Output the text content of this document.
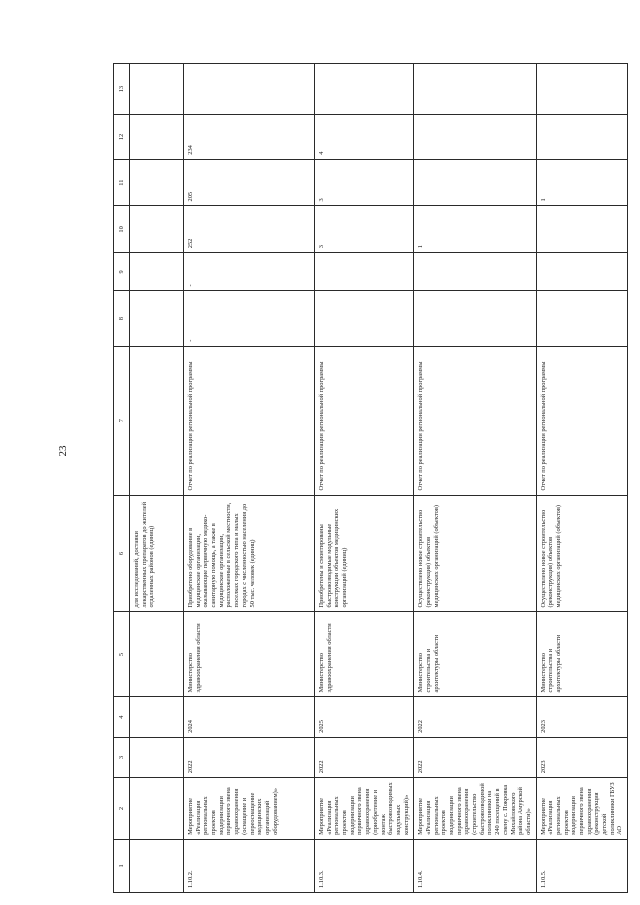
23
1	2	3	4	5	6	7	8	9	10	11	12	13
					для исследований, доставки лекарственных препаратов до жителей отдаленных районов (единиц)							
1.10.2.	Мероприятие «Реализация региональных проектов модернизации первичного звена здравоохранения (оснащение и переоснащение медицинских организаций оборудованием)»	2022	2024	Министерство здравоохранения области	Приобретено оборудование в медицинские организации, оказывающие первичную медико-санитарную помощь, а также в медицинские организации, расположенные в сельской местности, поселках городского типа и малых городах с численностью населения до 50 тыс. человек (единиц)	Отчет по реализации региональной программы	-	-	252	205	234	
1.10.3.	Мероприятие «Реализация региональных проектов модернизации первичного звена здравоохранения (приобретение и монтаж быстровозводимых модульных конструкций)»	2022	2025	Министерство здравоохранения области	Приобретены и смонтированы быстровозводимые модульные конструкции объектов медицинских организаций (единиц)	Отчет по реализации региональной программы			3	3	4	
1.10.4.	Мероприятие «Реализация региональных проектов модернизации первичного звена здравоохранения (строительство быстровозводимой поликлиники на 240 посещений в смену с. Покровка Михайловского района Амурской области)»	2022	2022	Министерство строительства и архитектуры области	Осуществлено новое строительство (реконструкция) объектов медицинских организаций (объектов)	Отчет по реализации региональной программы			1			
1.10.5.	Мероприятие «Реализация региональных проектов модернизации первичного звена здравоохранения (реконструкция детской поликлиники ГБУЗ АО	2023	2023	Министерство строительства и архитектуры области	Осуществлено новое строительство (реконструкция) объектов медицинских организаций (объектов)	Отчет по реализации региональной программы				1		
